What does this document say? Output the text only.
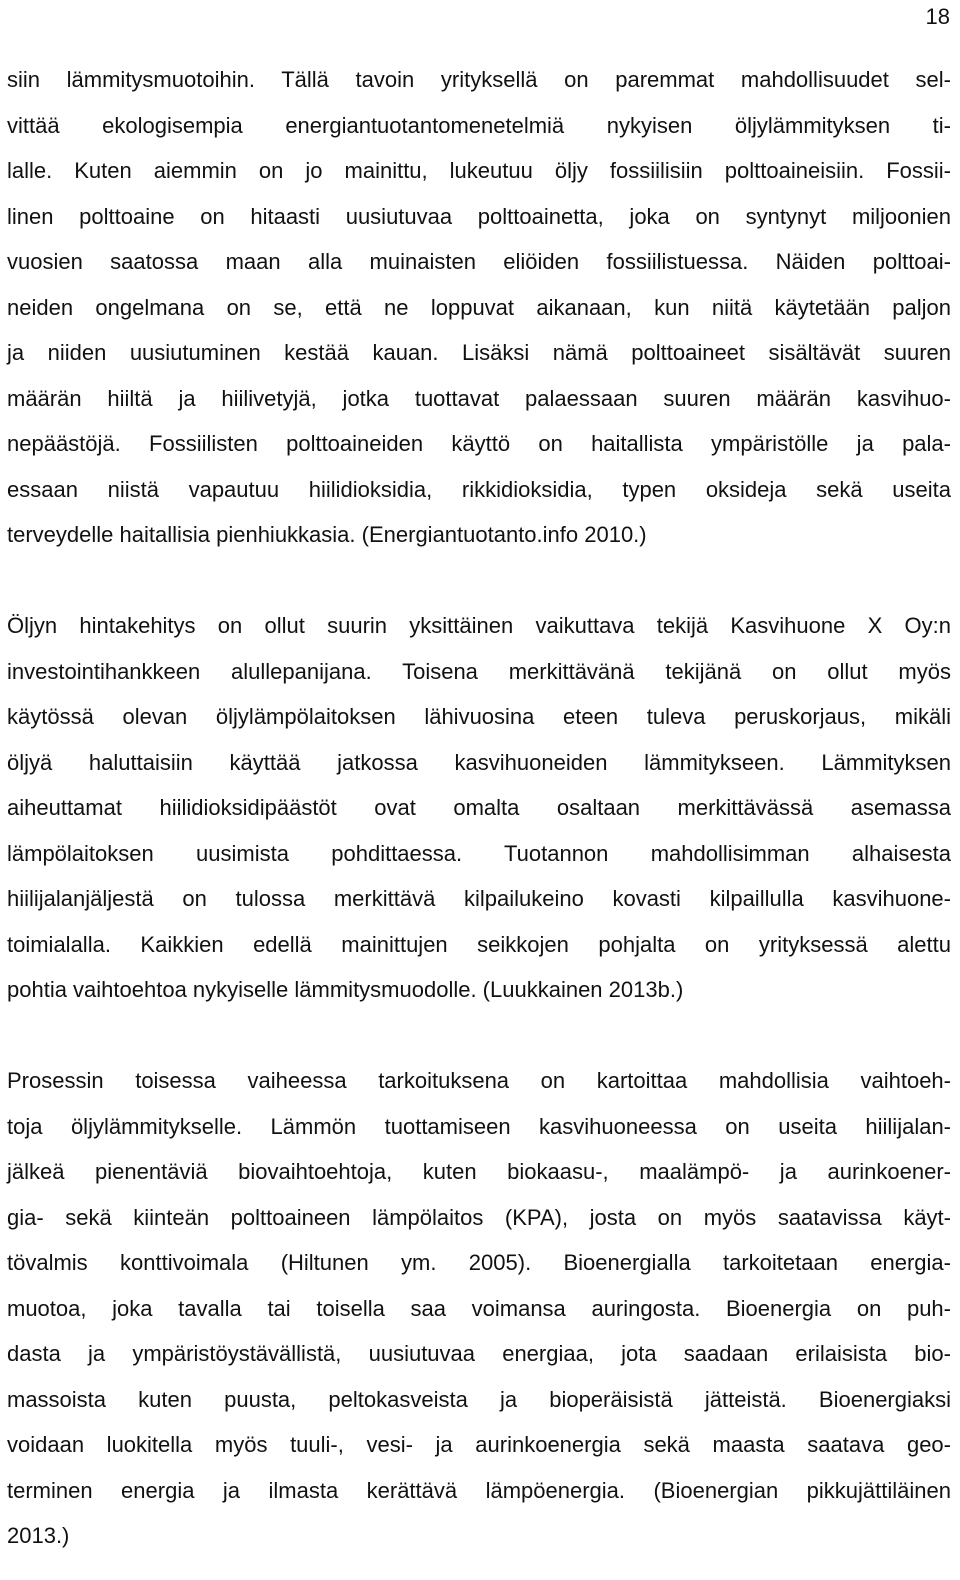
18
siin lämmitysmuotoihin. Tällä tavoin yrityksellä on paremmat mahdollisuudet sel-
vittää ekologisempia energiantuotantomenetelmiä nykyisen öljylämmityksen ti-
lalle. Kuten aiemmin on jo mainittu, lukeutuu öljy fossiilisiin polttoaineisiin. Fossii-
linen polttoaine on hitaasti uusiutuvaa polttoainetta, joka on syntynyt miljoonien
vuosien saatossa maan alla muinaisten eliöiden fossiilistuessa. Näiden polttoai-
neiden ongelmana on se, että ne loppuvat aikanaan, kun niitä käytetään paljon
ja niiden uusiutuminen kestää kauan. Lisäksi nämä polttoaineet sisältävät suuren
määrän hiiltä ja hiilivetyjä, jotka tuottavat palaessaan suuren määrän kasvihuo-
nepäästöjä. Fossiilisten polttoaineiden käyttö on haitallista ympäristölle ja pala-
essaan niistä vapautuu hiilidioksidia, rikkidioksidia, typen oksideja sekä useita
terveydelle haitallisia pienhiukkasia. (Energiantuotanto.info 2010.)
Öljyn hintakehitys on ollut suurin yksittäinen vaikuttava tekijä Kasvihuone X Oy:n
investointihankkeen alullepanijana. Toisena merkittävänä tekijänä on ollut myös
käytössä olevan öljylämpölaitoksen lähivuosina eteen tuleva peruskorjaus, mikäli
öljyä haluttaisiin käyttää jatkossa kasvihuoneiden lämmitykseen. Lämmityksen
aiheuttamat hiilidioksidipäästöt ovat omalta osaltaan merkittävässä asemassa
lämpölaitoksen uusimista pohdittaessa. Tuotannon mahdollisimman alhaisesta
hiilijalanjäljestä on tulossa merkittävä kilpailukeino kovasti kilpaillulla kasvihuone-
toimialalla. Kaikkien edellä mainittujen seikkojen pohjalta on yrityksessä alettu
pohtia vaihtoehtoa nykyiselle lämmitysmuodolle. (Luukkainen 2013b.)
Prosessin toisessa vaiheessa tarkoituksena on kartoittaa mahdollisia vaihtoeh-
toja öljylämmitykselle. Lämmön tuottamiseen kasvihuoneessa on useita hiilijalan-
jälkeä pienentäviä biovaihtoehtoja, kuten biokaasu-, maalämpö- ja aurinkoener-
gia- sekä kiinteän polttoaineen lämpölaitos (KPA), josta on myös saatavissa käyt-
tövalmis konttivoimala (Hiltunen ym. 2005). Bioenergialla tarkoitetaan energia-
muotoa, joka tavalla tai toisella saa voimansa auringosta. Bioenergia on puh-
dasta ja ympäristöystävällistä, uusiutuvaa energiaa, jota saadaan erilaisista bio-
massoista kuten puusta, peltokasveista ja bioperäisistä jätteistä. Bioenergiaksi
voidaan luokitella myös tuuli-, vesi- ja aurinkoenergia sekä maasta saatava geo-
terminen energia ja ilmasta kerättävä lämpöenergia. (Bioenergian pikkujättiläinen
2013.)
